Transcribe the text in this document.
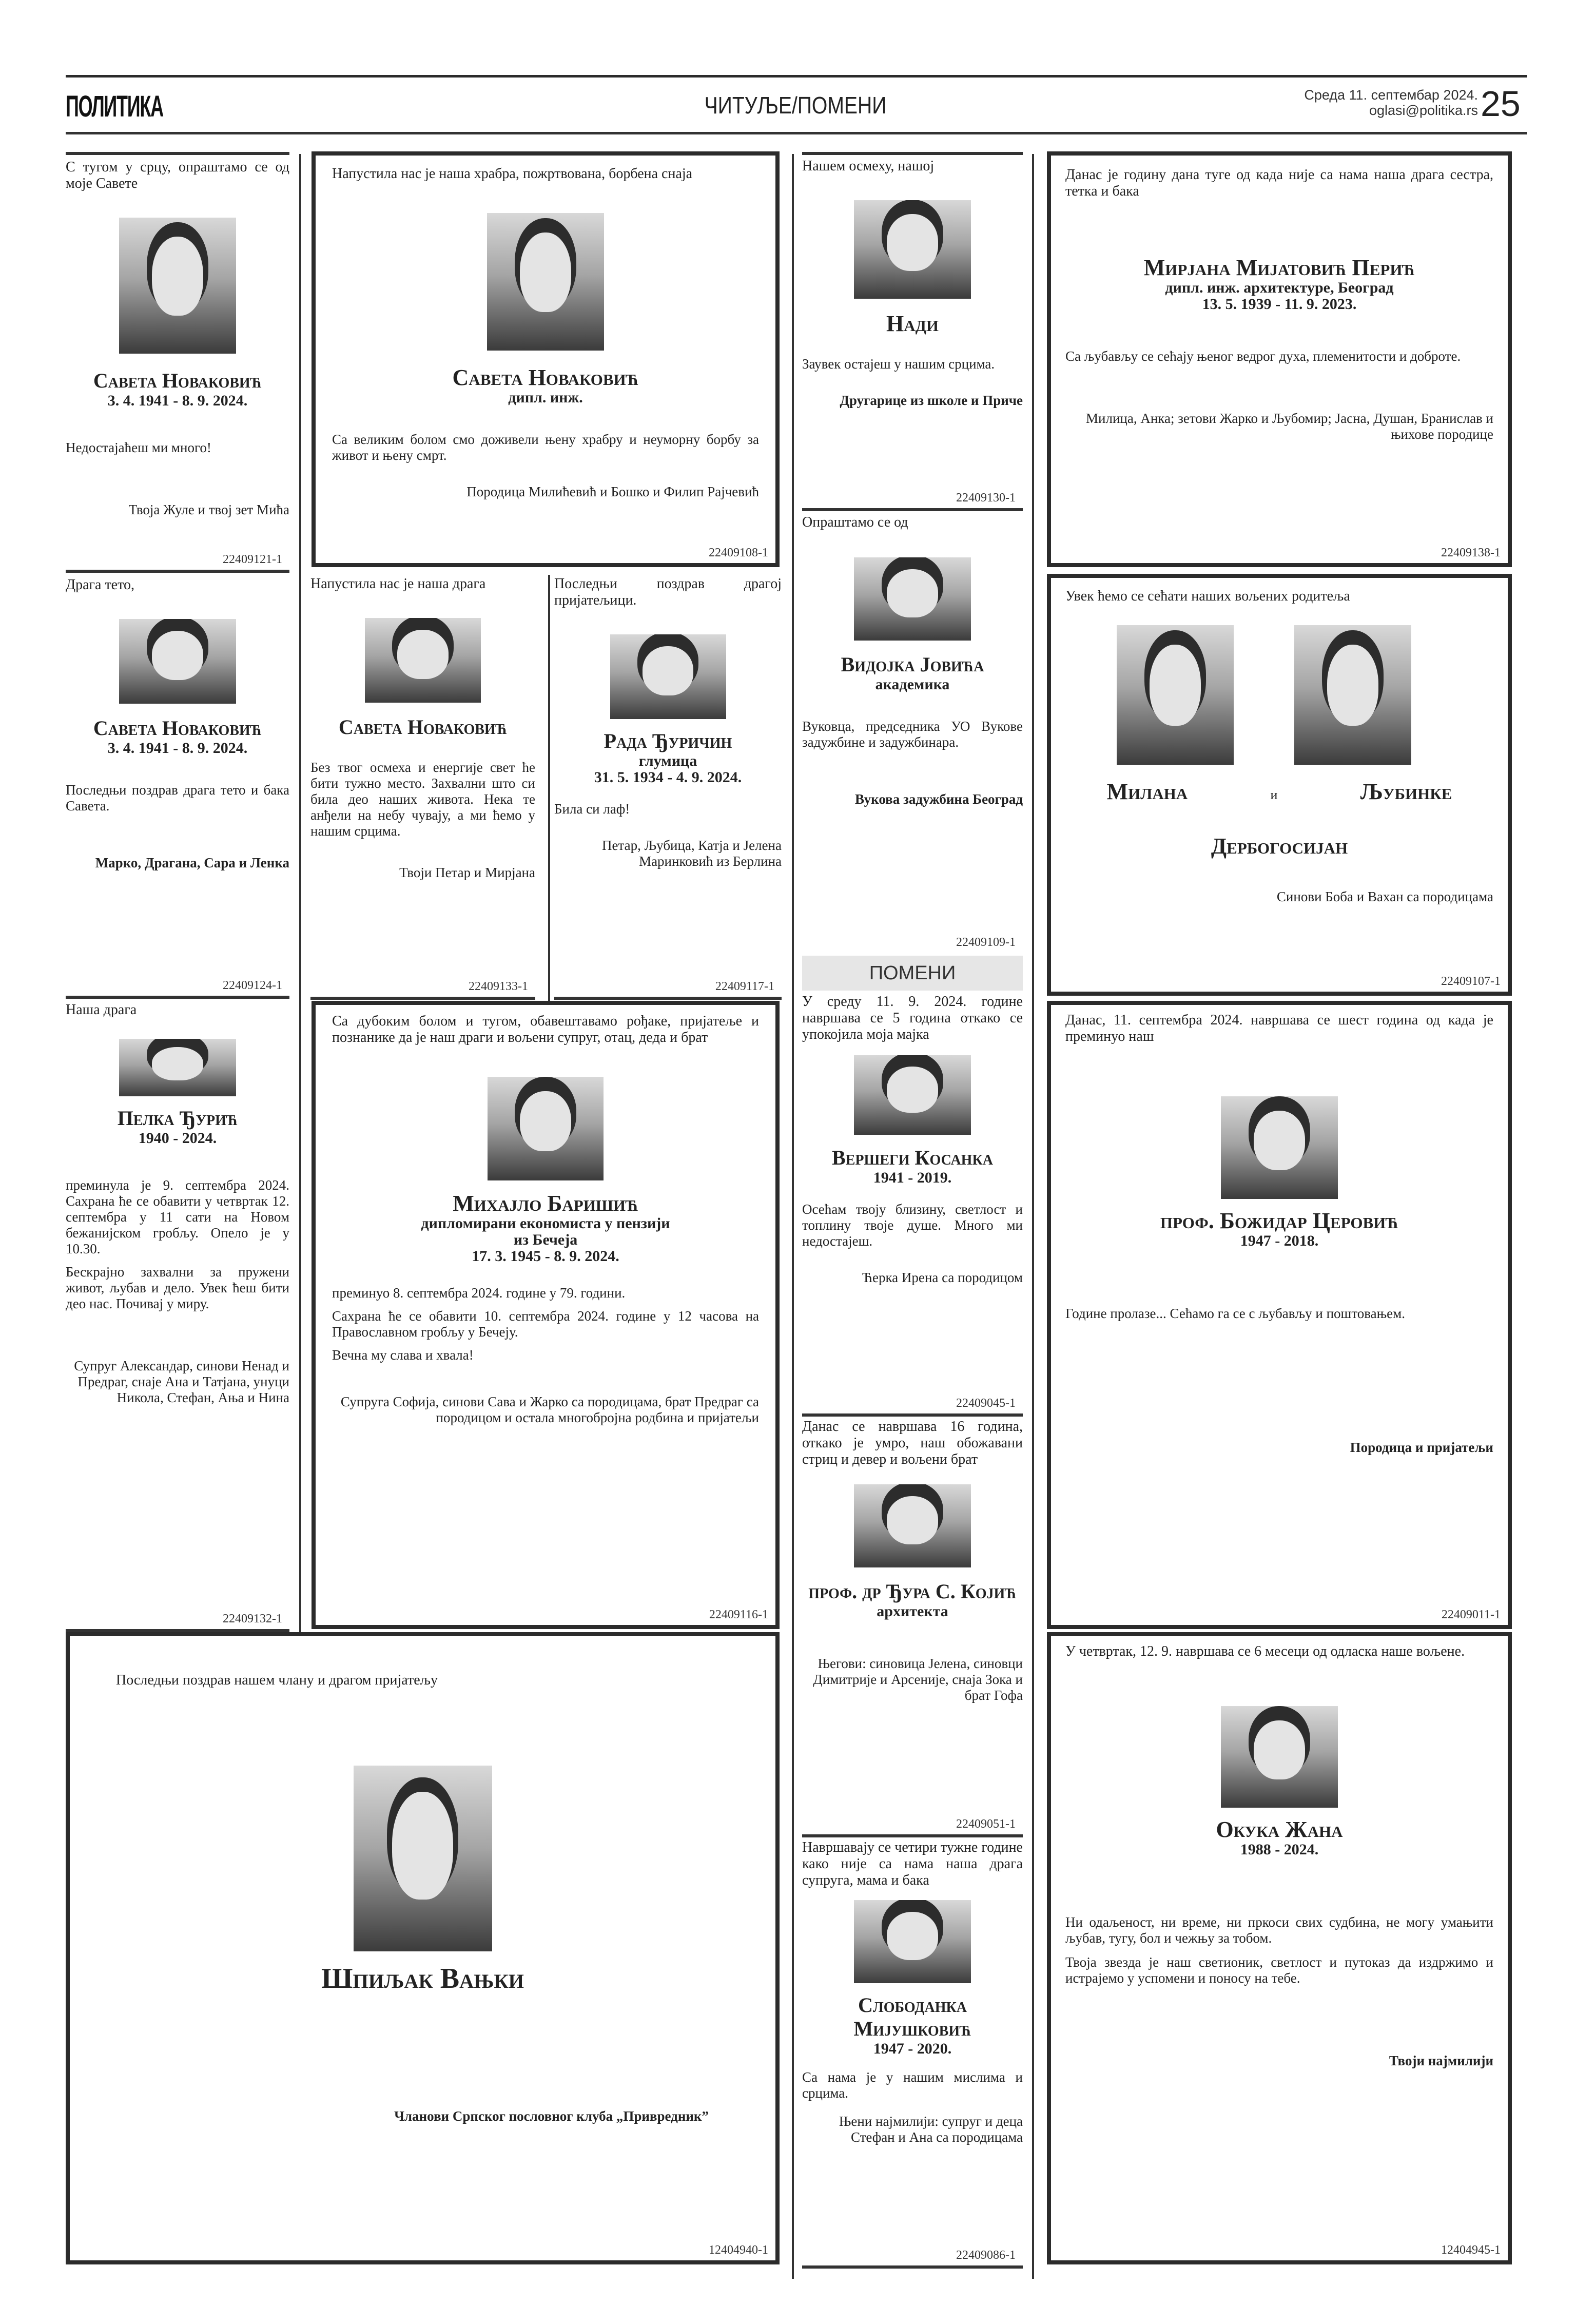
ПОЛИТИКА	ЧИТУЉЕ/ПОМЕНИ	Среда 11. септембар 2024.
oglasi@politika.rs 25
С тугом у срцу, опраштамо се од моје Савете
Савета Новаковић
3. 4. 1941 - 8. 9. 2024.
Недостајаћеш ми много!
Твоја Жуле и твој зет Мића
22409121-1
Напустила нас је наша храбра, пожртвована, борбена снаја
Савета Новаковић
дипл. инж.
Са великим болом смо доживели њену храбру и неуморну борбу за живот и њену смрт.
Породица Милићевић и Бошко и Филип Рајчевић
22409108-1
Нашем осмеху, нашој
Нади
Заувек остајеш у нашим срцима.
Другарице из школе и Приче
22409130-1
Данас је годину дана туге од када није са нама наша драга сестра, тетка и бака
Мирјана Мијатовић Перић
дипл. инж. архитектуре, Београд
13. 5. 1939 - 11. 9. 2023.
Са љубављу се сећају њеног ведрог духа, племенитости и доброте.
Милица, Анка; зетови Жарко и Љубомир; Јасна, Душан, Бранислав и њихове породице
22409138-1
Драга тето,
Савета Новаковић
3. 4. 1941 - 8. 9. 2024.
Последњи поздрав драга тето и бака Савета.
Марко, Драгана, Сара и Ленка
22409124-1
Напустила нас је наша драга
Савета Новаковић
Без твог осмеха и енергије свет ће бити тужно место. Захвални што си била део наших живота. Нека те анђели на небу чувају, а ми ћемо у нашим срцима.
Твоји Петар и Мирјана
22409133-1
Последњи поздрав драгој пријатељици.
Рада Ђуричин
глумица
31. 5. 1934 - 4. 9. 2024.
Била си лаф!
Петар, Љубица, Катја и Јелена Маринковић из Берлина
22409117-1
Опраштамо се од
Видојка Јовића
академика
Вуковца, председника УО Вукове задужбине и задужбинара.
Вукова задужбина Београд
22409109-1
Увек ћемо се сећати наших вољених родитеља
Милана	и	Љубинке
Дербогосијан
Синови Боба и Вахан са породицама
22409107-1
ПОМЕНИ
Наша драга
Пелка Ђурић
1940 - 2024.
преминула је 9. септембра 2024. Сахрана ће се обавити у четвртак 12. септембра у 11 сати на Новом бежанијском гробљу. Опело је у 10.30.
Бескрајно захвални за пружени живот, љубав и дело. Увек ћеш бити део нас. Почивај у миру.
Супруг Александар, синови Ненад и Предраг, снаје Ана и Татјана, унуци Никола, Стефан, Ања и Нина
22409132-1
Са дубоким болом и тугом, обавештавамо рођаке, пријатеље и познанике да је наш драги и вољени супруг, отац, деда и брат
Михајло Баришић
дипломирани економиста у пензији
из Бечеја
17. 3. 1945 - 8. 9. 2024.
преминуо 8. септембра 2024. године у 79. години.
Сахрана ће се обавити 10. септембра 2024. године у 12 часова на Православном гробљу у Бечеју.
Вечна му слава и хвала!
Супруга Софија, синови Сава и Жарко са породицама, брат Предраг са породицом и остала многобројна родбина и пријатељи
22409116-1
У среду 11. 9. 2024. године навршава се 5 година откако се упокојила моја мајка
Вершеги Косанка
1941 - 2019.
Осећам твоју близину, светлост и топлину твоје душе. Много ми недостајеш.
Ћерка Ирена са породицом
22409045-1
Данас, 11. септембра 2024. навршава се шест година од када је преминуо наш
проф. Божидар Церовић
1947 - 2018.
Године пролазе... Сећамо га се с љубављу и поштовањем.
Породица и пријатељи
22409011-1
Данас се навршава 16 година, откако је умро, наш обожавани стриц и девер и вољени брат
проф. др Ђура С. Којић
архитекта
Његови: синовица Јелена, синовци Димитрије и Арсеније, снаја Зока и брат Гофа
22409051-1
Последњи поздрав нашем члану и драгом пријатељу
Шпиљак Вањки
Чланови Српског пословног клуба „Привредник”
12404940-1
Навршавају се четири тужне године како није са нама наша драга супруга, мама и бака
Слободанка Мијушковић
1947 - 2020.
Са нама је у нашим мислима и срцима.
Њени најмилији: супруг и деца Стефан и Ана са породицама
22409086-1
У четвртак, 12. 9. навршава се 6 месеци од одласка наше вољене.
Окука Жана
1988 - 2024.
Ни одаљеност, ни време, ни пркоси свих судбина, не могу умањити љубав, тугу, бол и чежњу за тобом.
Твоја звезда је наш светионик, светлост и путоказ да издржимо и истрајемо у успомени и поносу на тебе.
Твоји најмилији
12404945-1
